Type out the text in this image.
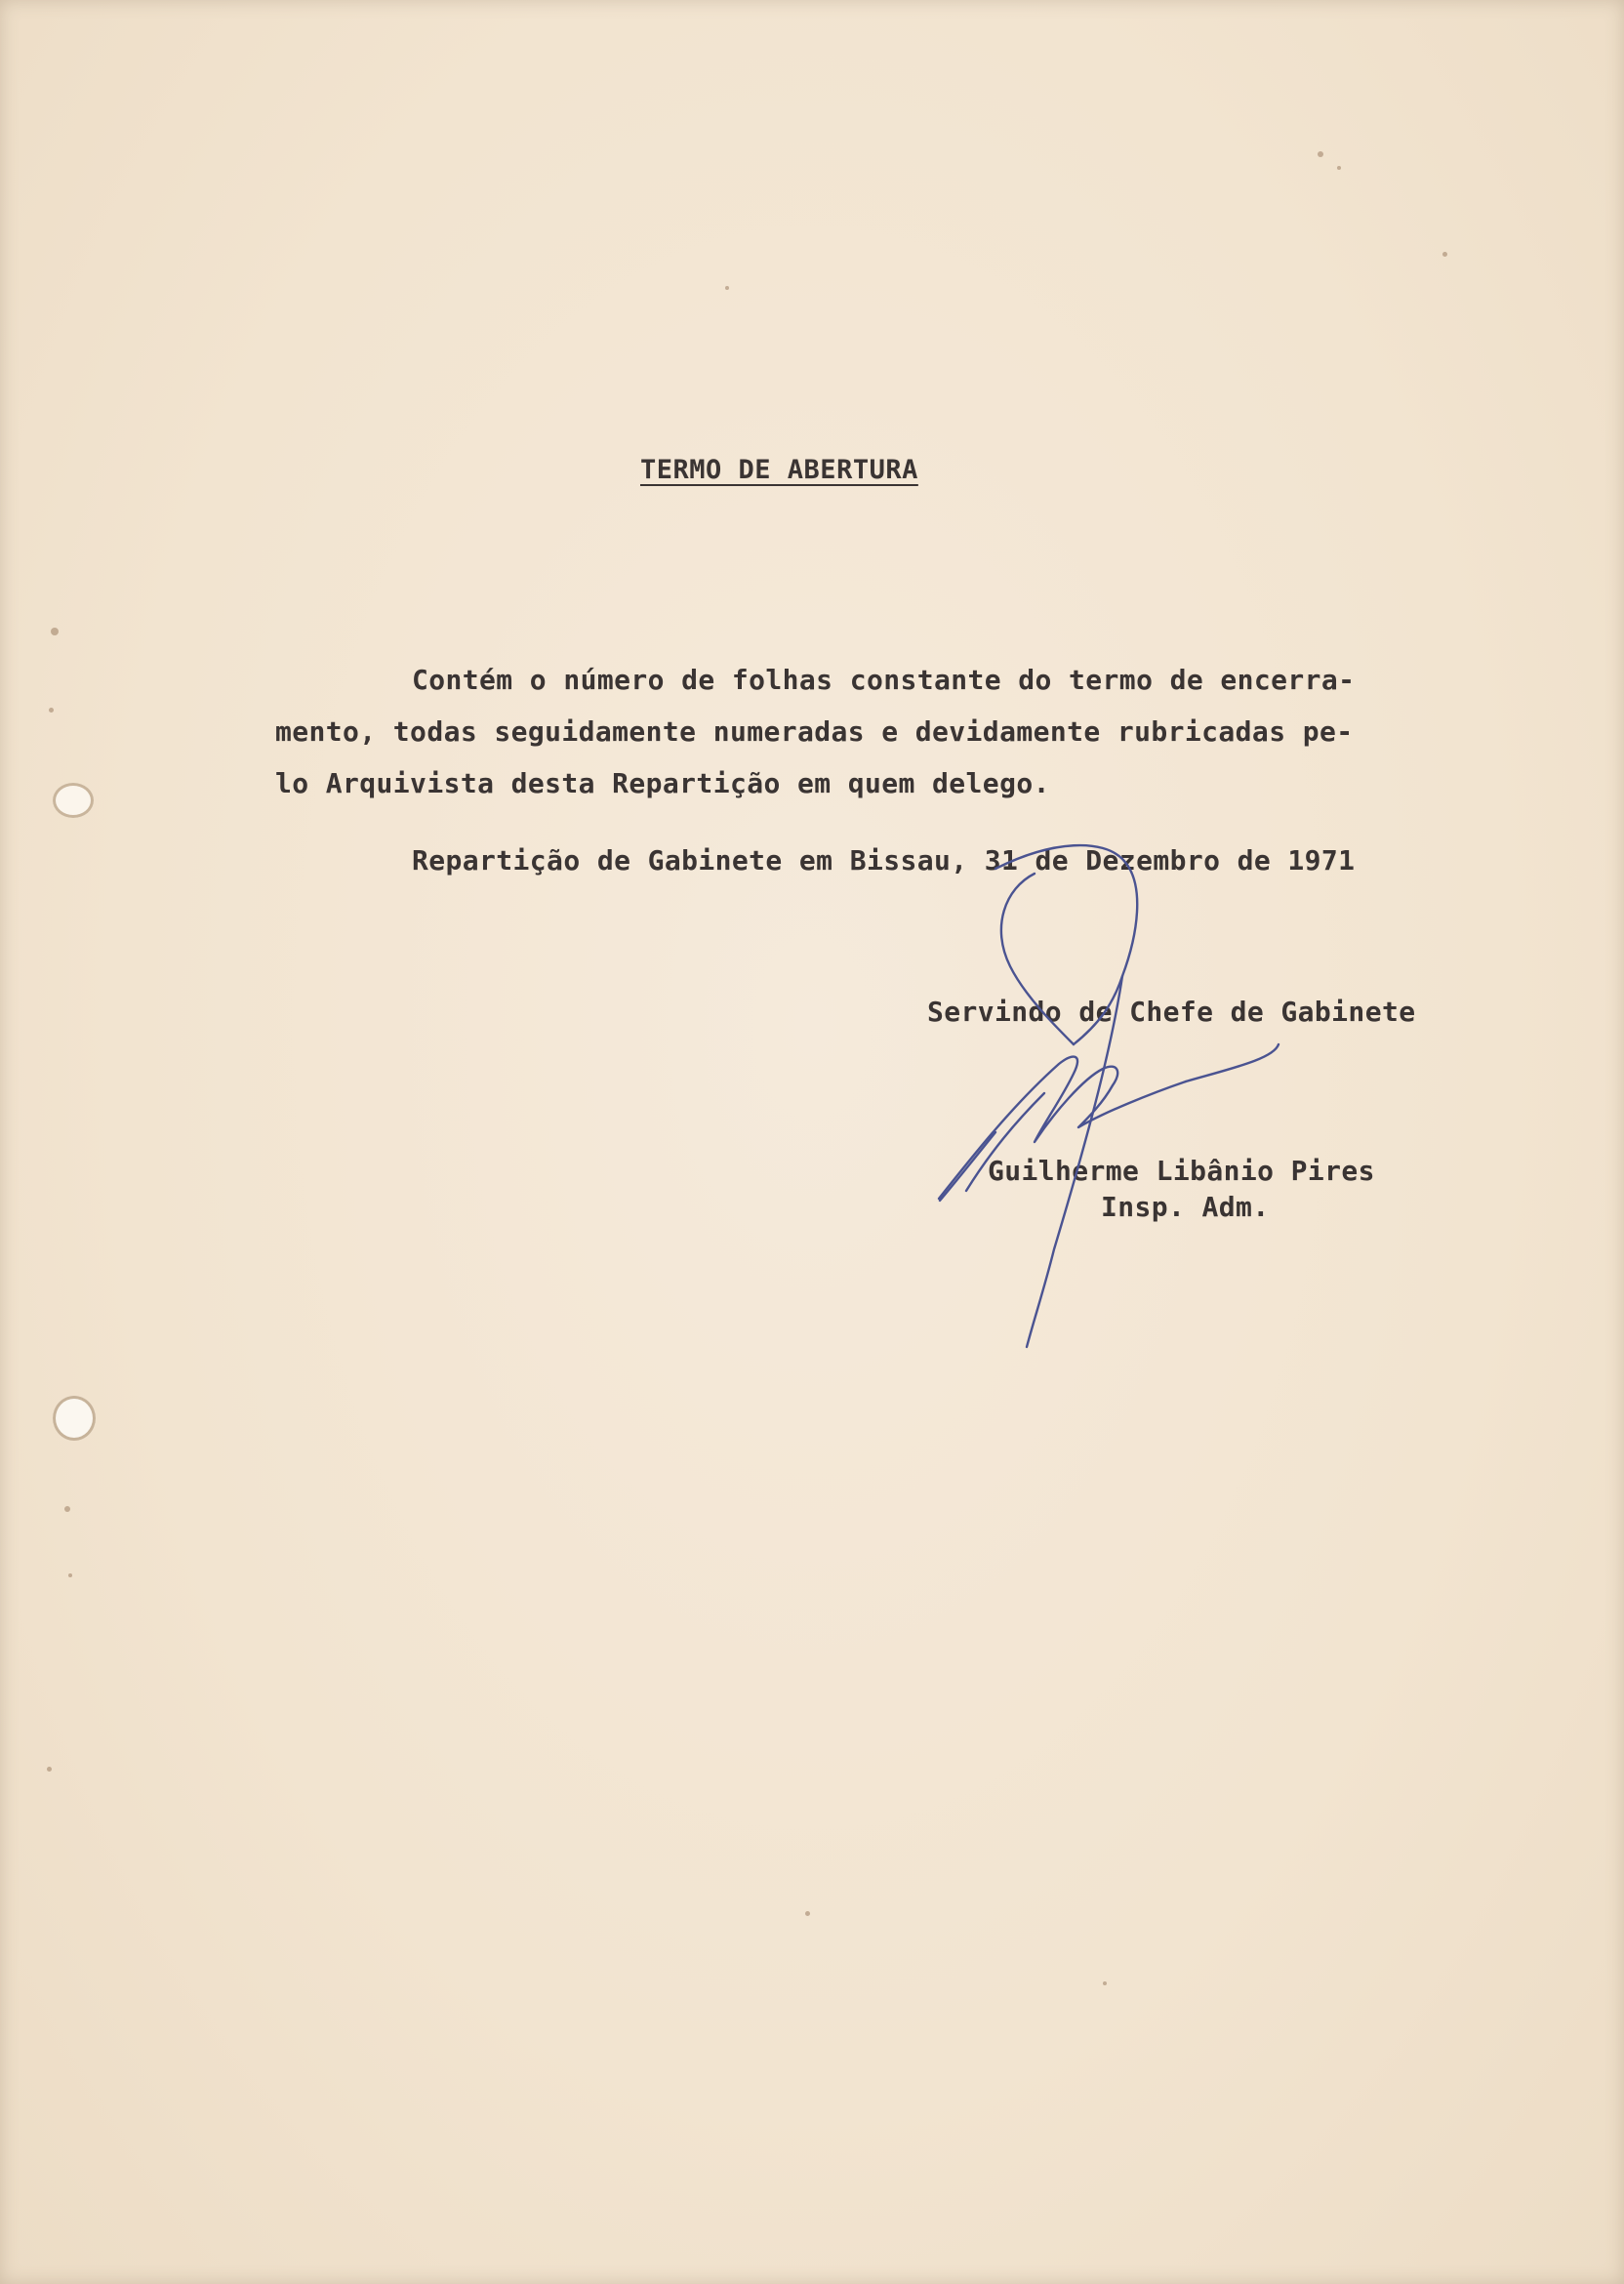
TERMO DE ABERTURA

Contém o número de folhas constante do termo de encerra-

mento, todas seguidamente numeradas e devidamente rubricadas pe-

lo Arquivista desta Repartição em quem delego.

Repartição de Gabinete em Bissau, 31 de Dezembro de 1971
Servindo de Chefe de Gabinete
Guilherme Libânio Pires
Insp. Adm.
